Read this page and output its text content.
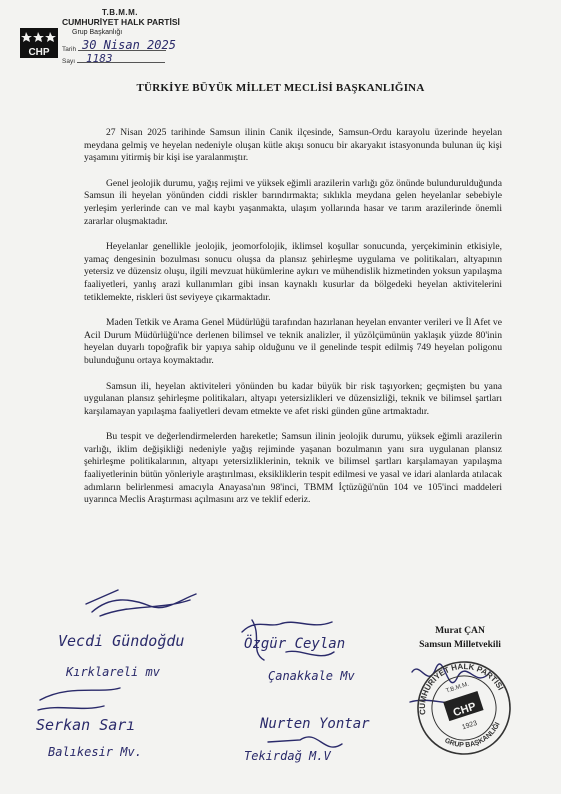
CHP
T.B.M.M.
CUMHURİYET HALK PARTİSİ
Grup Başkanlığı
Tarih
Sayı
30 Nisan 2025
1183
TÜRKİYE BÜYÜK MİLLET MECLİSİ BAŞKANLIĞINA

27 Nisan 2025 tarihinde Samsun ilinin Canik ilçesinde, Samsun-Ordu karayolu üzerinde heyelan meydana gelmiş ve heyelan nedeniyle oluşan kütle akışı sonucu bir akaryakıt istasyonunda bulunan üç kişi yaşamını yitirmiş bir kişi ise yaralanmıştır.

Genel jeolojik durumu, yağış rejimi ve yüksek eğimli arazilerin varlığı göz önünde bulundurulduğunda Samsun ili heyelan yönünden ciddi riskler barındırmakta; sıklıkla meydana gelen heyelanlar sebebiyle yerleşim yerlerinde can ve mal kaybı yaşanmakta, ulaşım yollarında hasar ve tarım arazilerinde önemli zararlar oluşmaktadır.

Heyelanlar genellikle jeolojik, jeomorfolojik, iklimsel koşullar sonucunda, yerçekiminin etkisiyle, yamaç dengesinin bozulması sonucu oluşsa da plansız şehirleşme uygulama ve politikaları, altyapının yetersiz ve düzensiz oluşu, ilgili mevzuat hükümlerine aykırı ve mühendislik hizmetinden yoksun yapılaşma faaliyetleri, yanlış arazi kullanımları gibi insan kaynaklı kusurlar da bölgedeki heyelan aktivitelerini tetiklemekte, riskleri üst seviyeye çıkarmaktadır.

Maden Tetkik ve Arama Genel Müdürlüğü tarafından hazırlanan heyelan envanter verileri ve İl Afet ve Acil Durum Müdürlüğü'nce derlenen bilimsel ve teknik analizler, il yüzölçümünün yaklaşık yüzde 80'inin heyelan duyarlı topoğrafik bir yapıya sahip olduğunu ve il genelinde tespit edilmiş 749 heyelan poligonu bulunduğunu ortaya koymaktadır.

Samsun ili, heyelan aktiviteleri yönünden bu kadar büyük bir risk taşıyorken; geçmişten bu yana uygulanan plansız şehirleşme politikaları, altyapı yetersizlikleri ve düzensizliği, teknik ve bilimsel şartları karşılamayan yapılaşma faaliyetleri devam etmekte ve afet riski günden güne artmaktadır.

Bu tespit ve değerlendirmelerden hareketle; Samsun ilinin jeolojik durumu, yüksek eğimli arazilerin varlığı, iklim değişikliği nedeniyle yağış rejiminde yaşanan bozulmanın yanı sıra uygulanan plansız şehirleşme politikalarının, altyapı yetersizliklerinin, teknik ve bilimsel şartları karşılamayan yapılaşma faaliyetlerinin bütün yönleriyle araştırılması, eksikliklerin tespit edilmesi ve yasal ve idari alanlarda atılacak adımların belirlenmesi amacıyla Anayasa'nın 98'inci, TBMM İçtüzüğü'nün 104 ve 105'inci maddeleri uyarınca Meclis Araştırması açılmasını arz ve teklif ederiz.

Murat ÇAN
Samsun Milletvekili
Vecdi Gündoğdu
Kırklareli mv
Özgür Ceylan
Çanakkale Mv
Serkan Sarı
Balıkesir Mv.
Nurten Yontar
Tekirdağ M.V
CUMHURİYET HALK PARTİSİ
GRUP BAŞKANLIĞI
T.B.M.M.
CHP
1923
